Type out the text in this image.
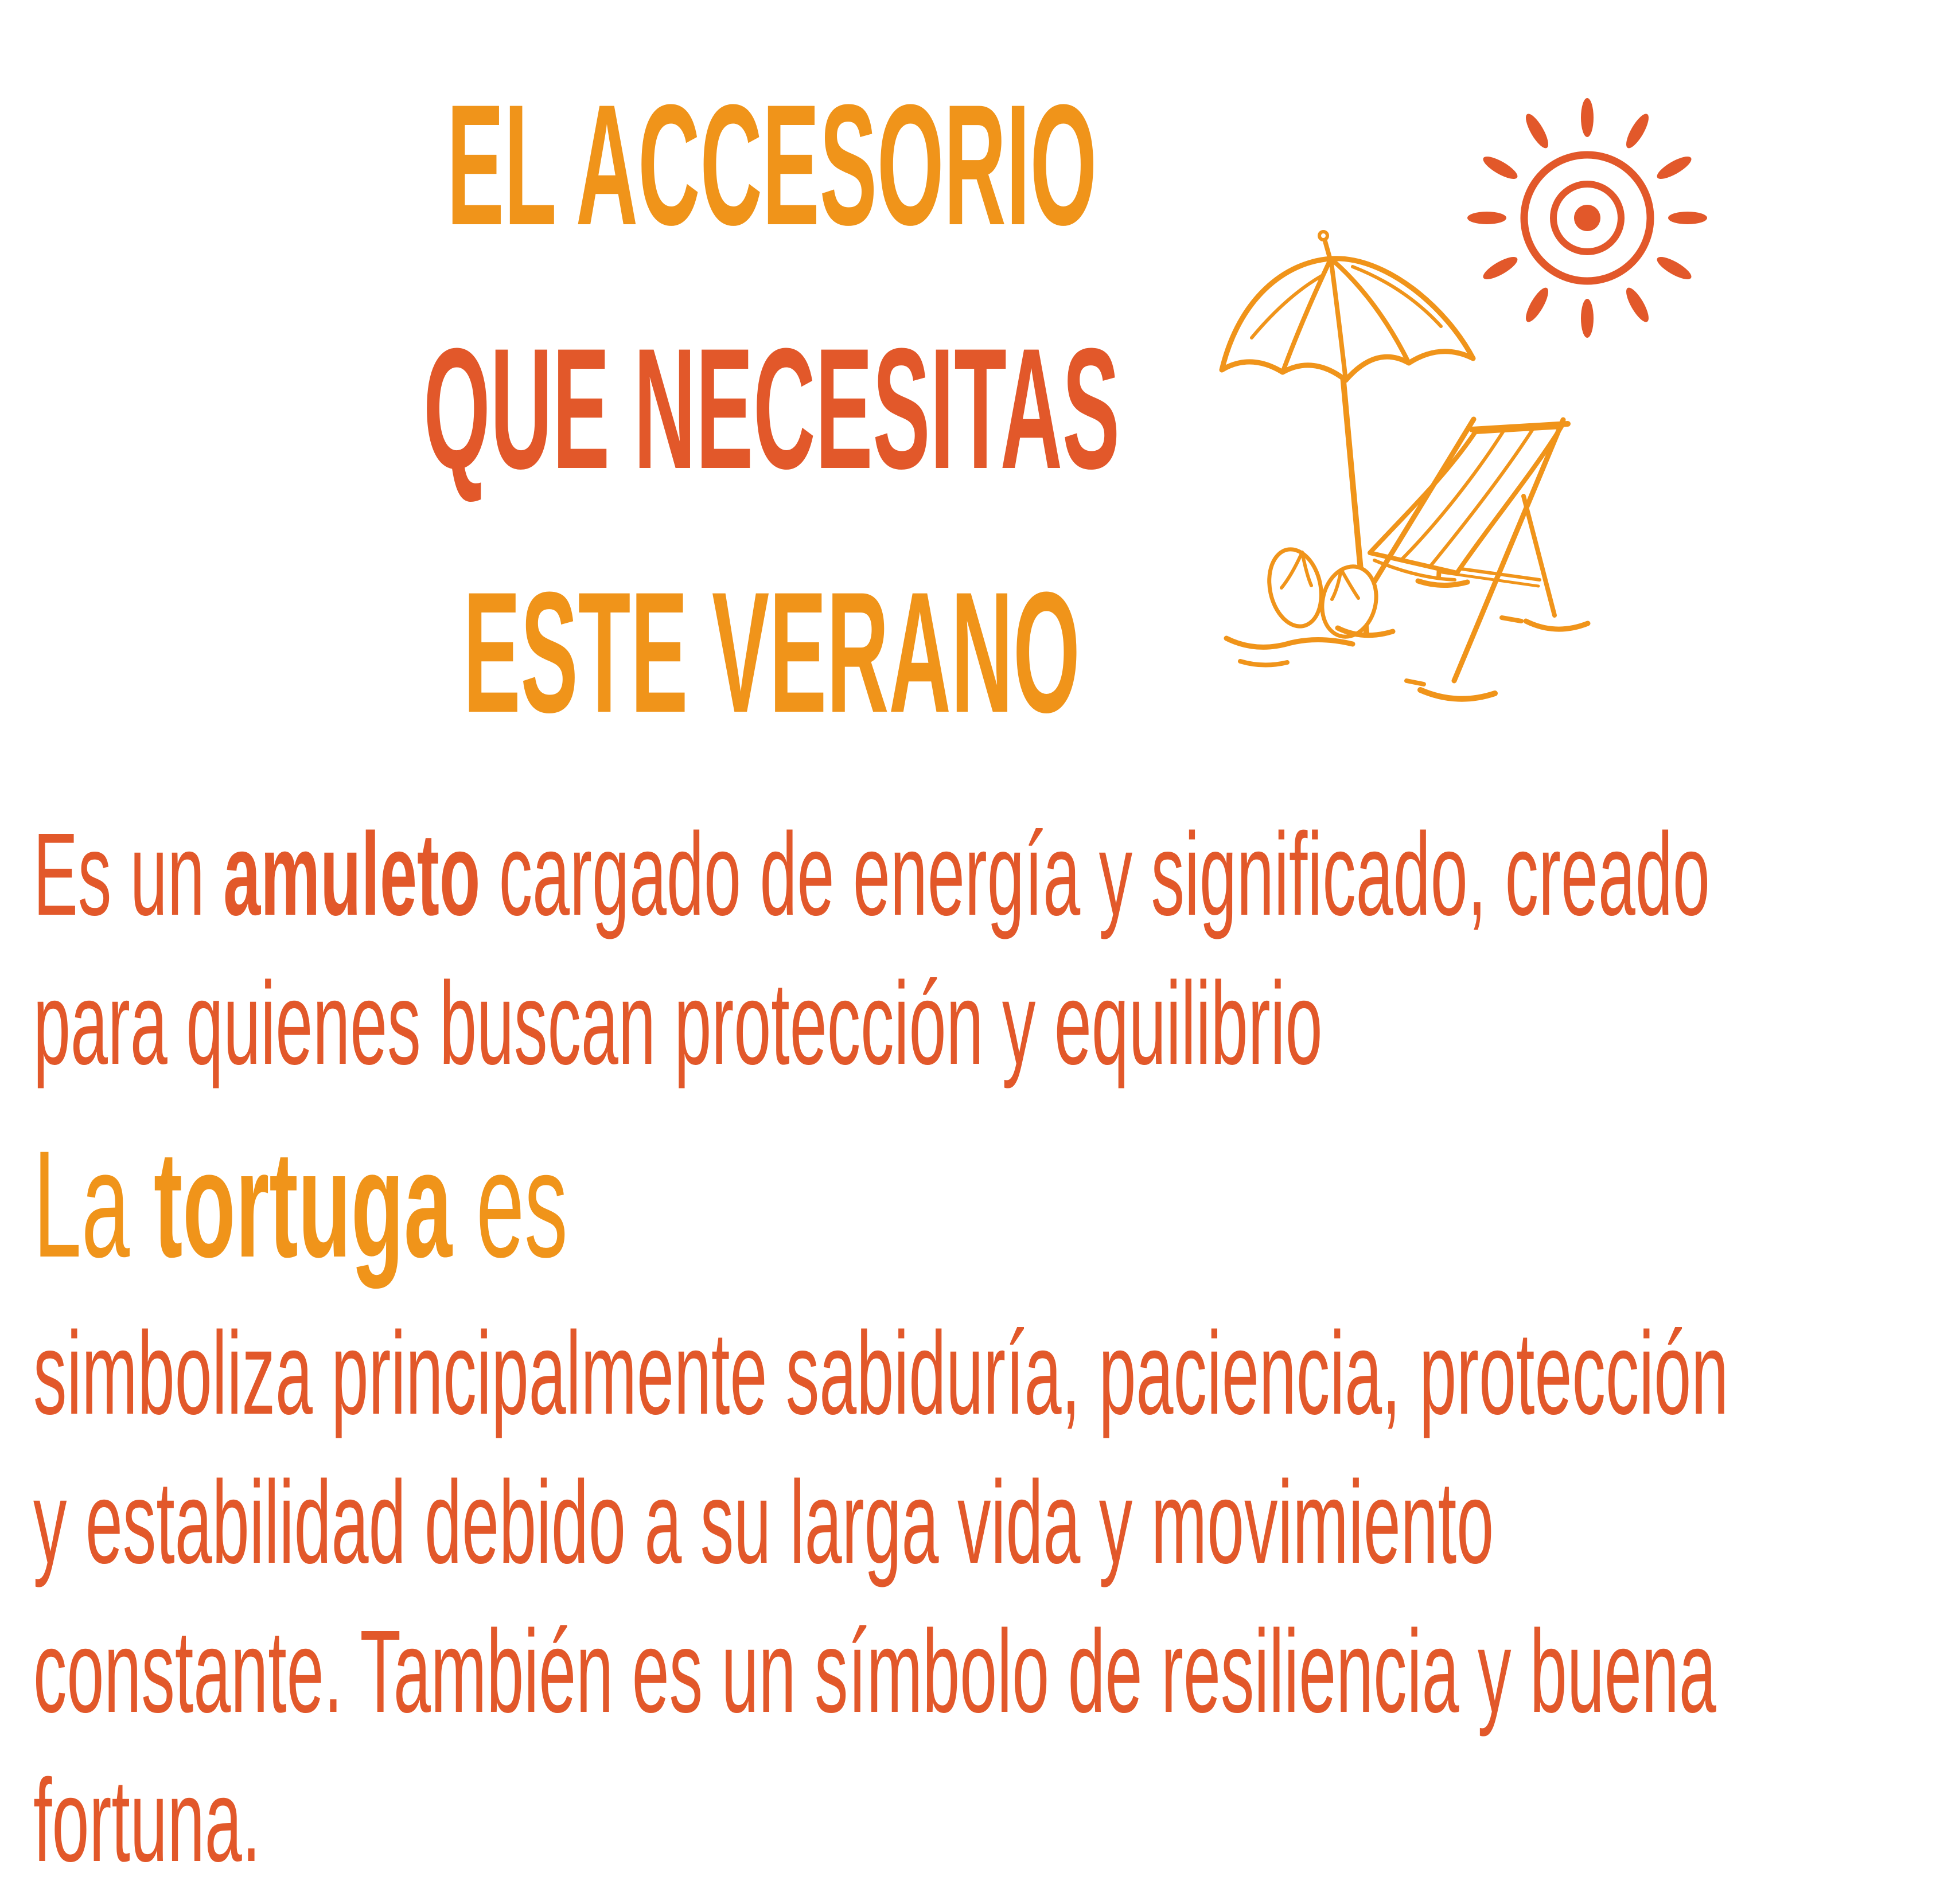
EL ACCESORIO
QUE NECESITAS
ESTE VERANO

Es un amuleto cargado de energía y significado, creado
para quienes buscan protección y equilibrio

La tortuga es

simboliza principalmente sabiduría, paciencia, protección
y estabilidad debido a su larga vida y movimiento
constante. También es un símbolo de resiliencia y buena
fortuna.
